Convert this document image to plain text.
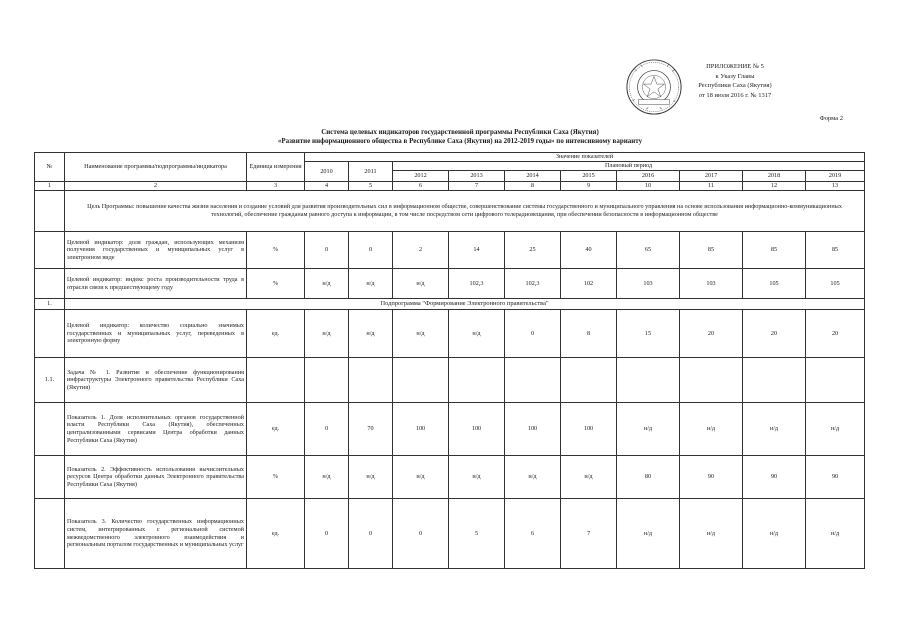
ПРИЛОЖЕНИЕ № 5
к Указу Главы
Республики Саха (Якутия)
от 18 июля 2016 г. № 1317
Форма 2
Система целевых индикаторов государственной программы Республики Саха (Якутия)
«Развитие информационного общества в Республике Саха (Якутия) на 2012-2019 годы» по интенсивному варианту
№	Наименование программы/подпрограммы/индикатора	Единица измерения	Значение показателей									
			2010	2011	Плановый период							
					2012	2013	2014	2015	2016	2017	2018	2019
1	2	3	4	5	6	7	8	9	10	11	12	13
	Цель Программы: повышение качества жизни населения и создание условий для развития производительных сил в информационном обществе, совершенствование системы государственного и муниципального управления на основе использования информационно-коммуникационных технологий, обеспечение гражданам равного доступа к информации, в том числе посредством сети цифрового телерадиовещания, при обеспечении безопасности в информационном обществе											
	Целевой индикатор: доля граждан, использующих механизм получения государственных и муниципальных услуг в электронном виде	%	0	0	2	14	25	40	65	85	85	85
	Целевой индикатор: индекс роста производительности труда в отрасли связи к предшествующему году	%	н/д	н/д	н/д	102,3	102,3	102	103	103	105	105
1.	Подпрограмма "Формирование Электронного правительства"											
	Целевой индикатор: количество социально значимых государственных и муниципальных услуг, переведенных в электронную форму	ед.	н/д	н/д	н/д	н/д	0	8	15	20	20	20
1.1.	Задача № 1. Развитие и обеспечение функционирования инфраструктуры Электронного правительства Республики Саха (Якутия)											
	Показатель 1. Доля исполнительных органов государственной власти Республики Саха (Якутия), обеспеченных централизованными сервисами Центра обработки данных Республики Саха (Якутия)	ед.	0	70	100	100	100	100	н/д	н/д	н/д	н/д
	Показатель 2. Эффективность использования вычислительных ресурсов Центра обработки данных Электронного правительства Республики Саха (Якутия)	%	н/д	н/д	н/д	н/д	н/д	н/д	80	90	90	90
	Показатель 3. Количество государственных информационных систем, интегрированных с региональной системой межведомственного электронного взаимодействия и региональным порталом государственных и муниципальных услуг	ед.	0	0	0	5	6	7	н/д	н/д	н/д	н/д
